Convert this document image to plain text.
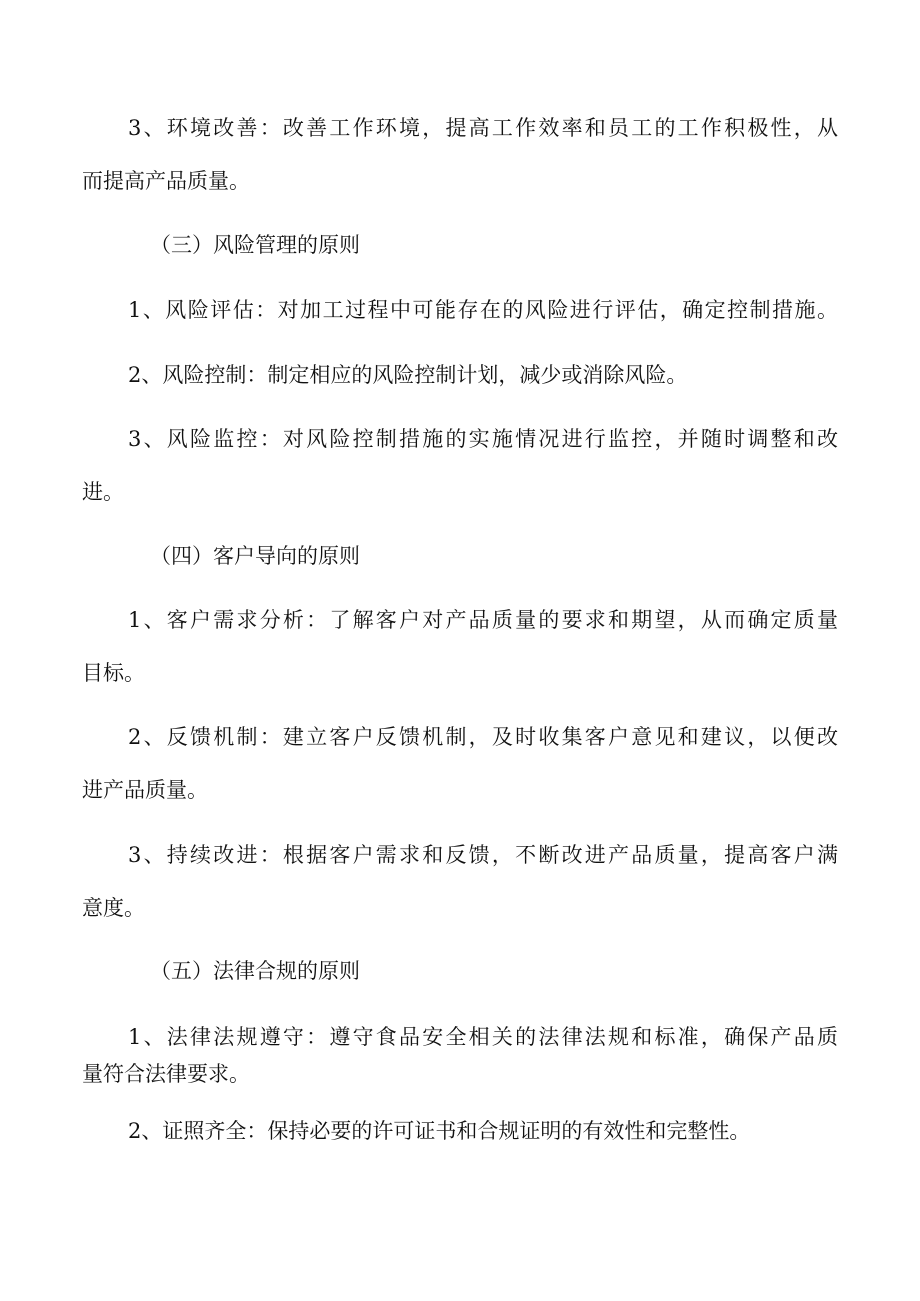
3、环境改善：改善工作环境，提高工作效率和员工的工作积极性，从

而提高产品质量。

（三）风险管理的原则

1、风险评估：对加工过程中可能存在的风险进行评估，确定控制措施。

2、风险控制：制定相应的风险控制计划，减少或消除风险。

3、风险监控：对风险控制措施的实施情况进行监控，并随时调整和改

进。

（四）客户导向的原则

1、客户需求分析：了解客户对产品质量的要求和期望，从而确定质量

目标。

2、反馈机制：建立客户反馈机制，及时收集客户意见和建议，以便改

进产品质量。

3、持续改进：根据客户需求和反馈，不断改进产品质量，提高客户满

意度。

（五）法律合规的原则

1、法律法规遵守：遵守食品安全相关的法律法规和标准，确保产品质

量符合法律要求。

2、证照齐全：保持必要的许可证书和合规证明的有效性和完整性。
